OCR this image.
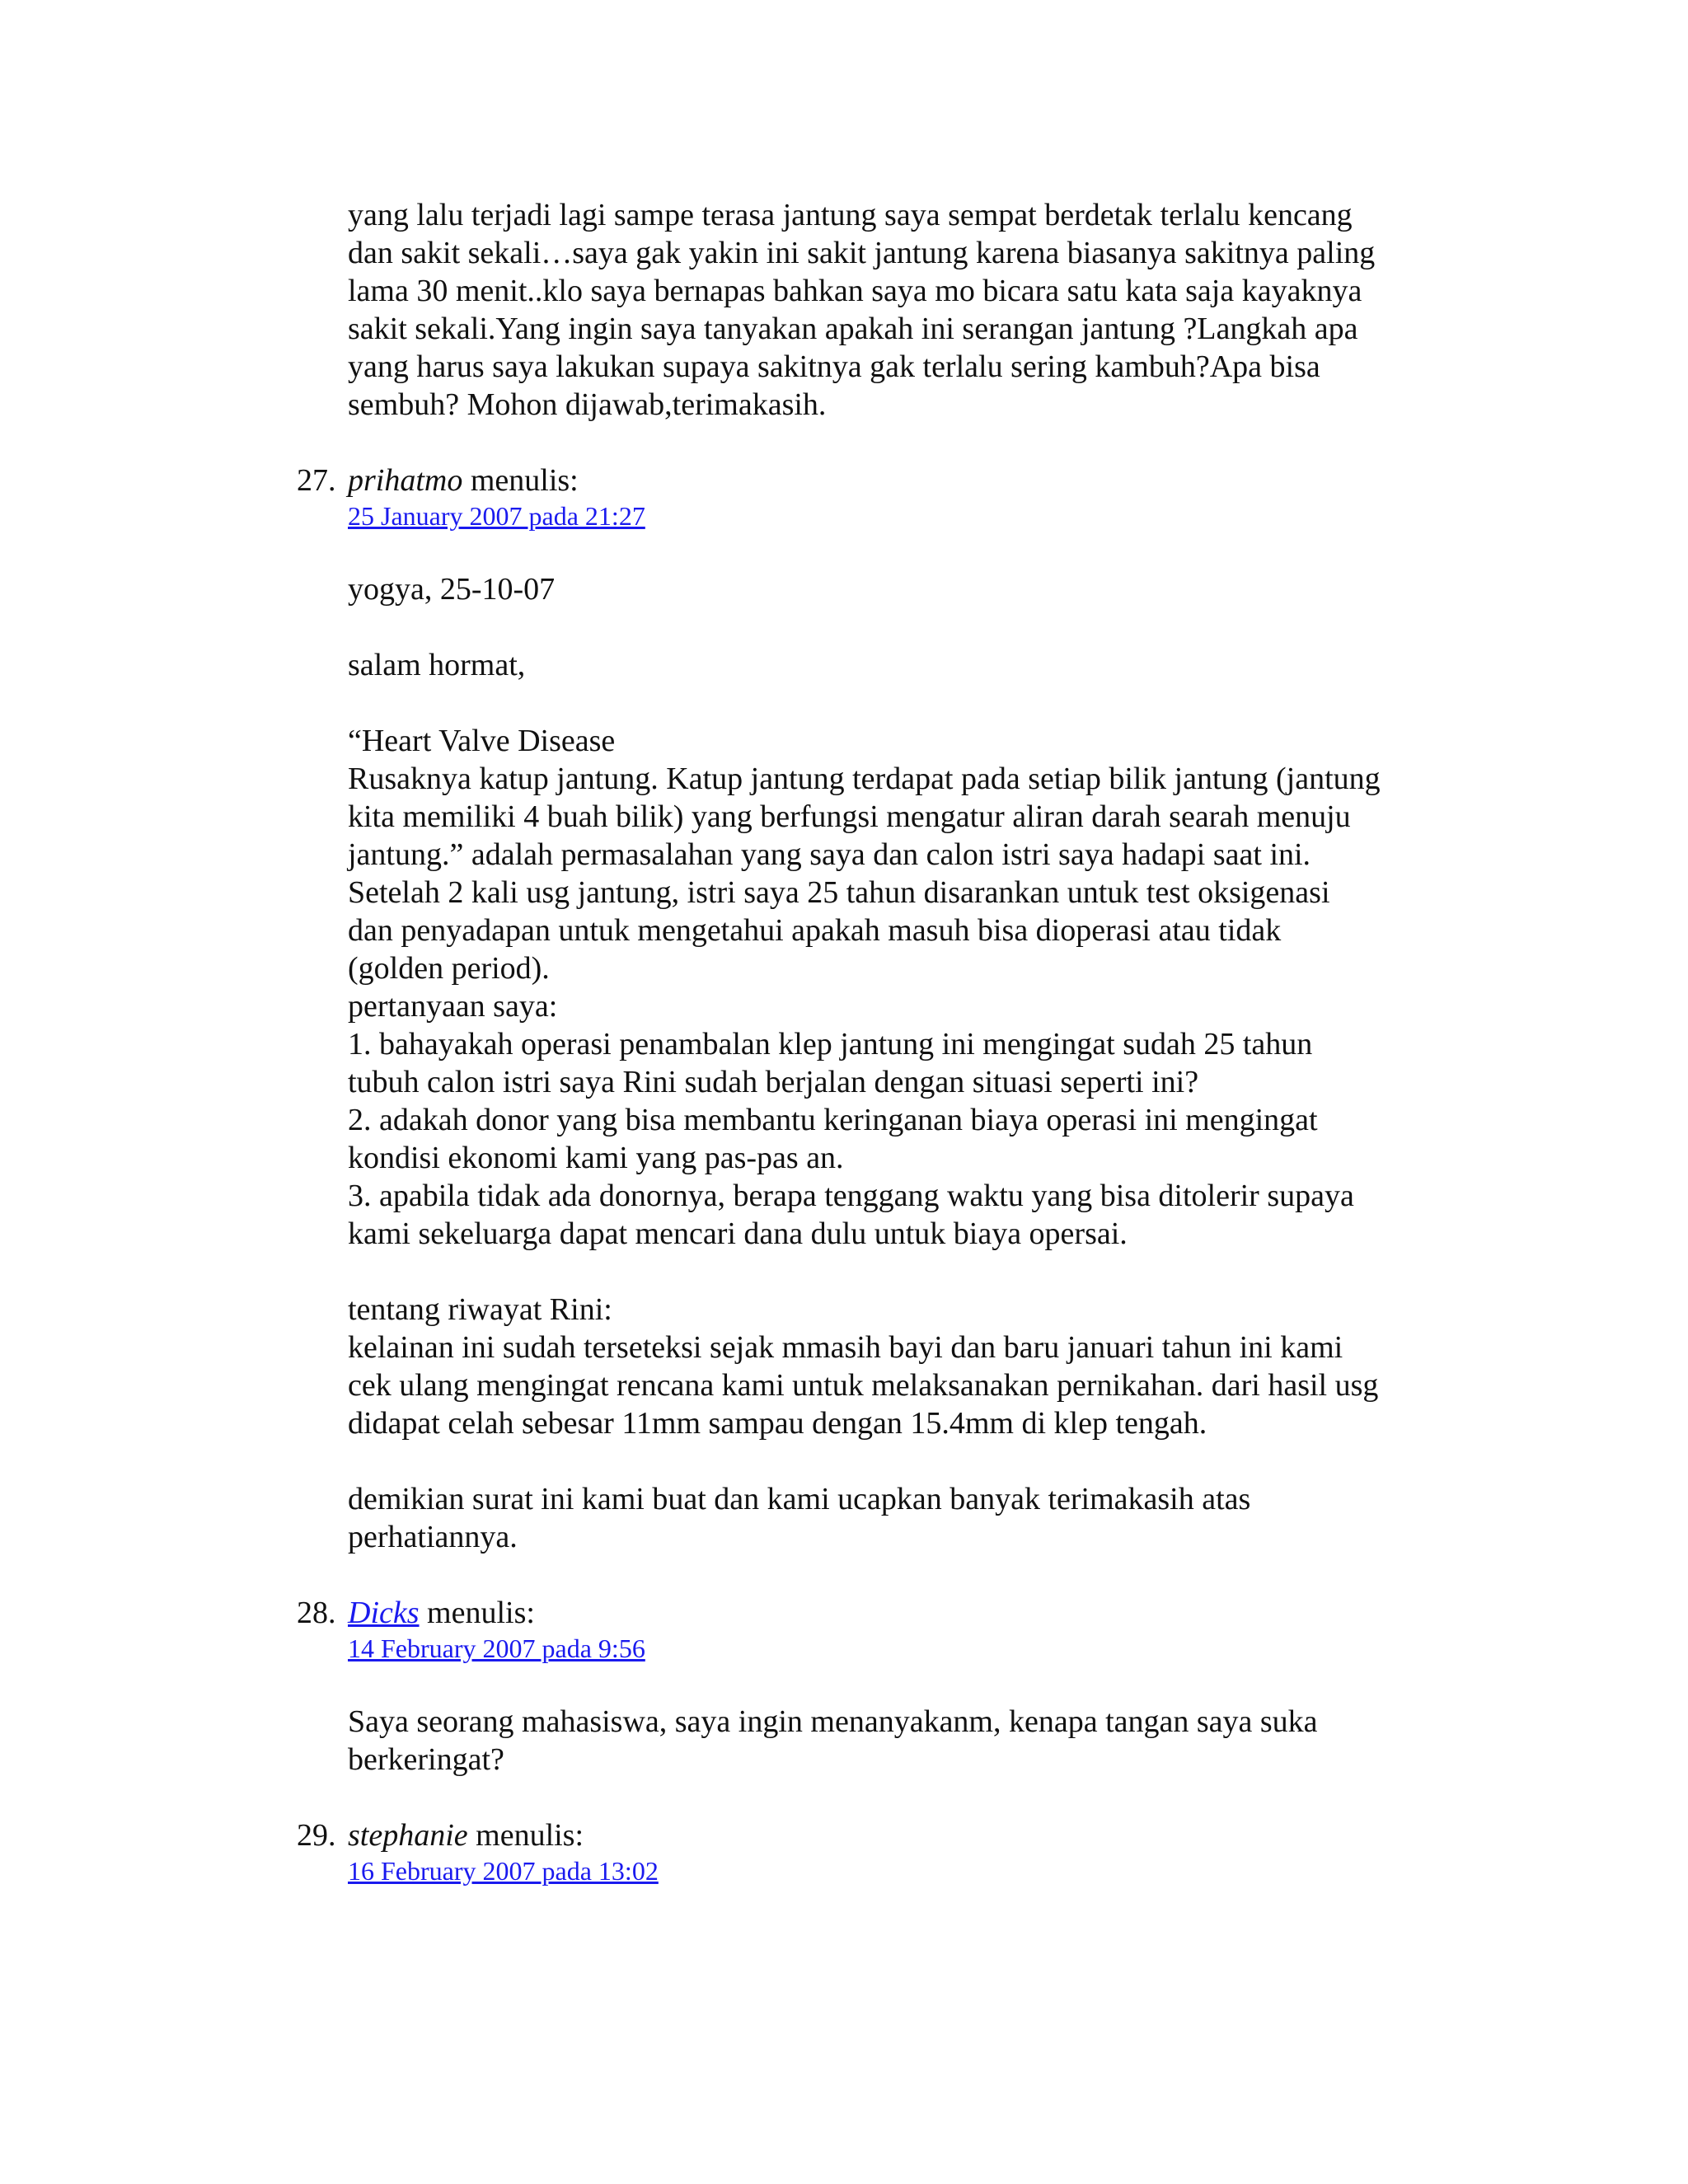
yang lalu terjadi lagi sampe terasa jantung saya sempat berdetak terlalu kencang

dan sakit sekali…saya gak yakin ini sakit jantung karena biasanya sakitnya paling

lama 30 menit..klo saya bernapas bahkan saya mo bicara satu kata saja kayaknya

sakit sekali.Yang ingin saya tanyakan apakah ini serangan jantung ?Langkah apa

yang harus saya lakukan supaya sakitnya gak terlalu sering kambuh?Apa bisa

sembuh? Mohon dijawab,terimakasih.

27. prihatmo menulis:

25 January 2007 pada 21:27

yogya, 25-10-07

salam hormat,

“Heart Valve Disease

Rusaknya katup jantung. Katup jantung terdapat pada setiap bilik jantung (jantung

kita memiliki 4 buah bilik) yang berfungsi mengatur aliran darah searah menuju

jantung.” adalah permasalahan yang saya dan calon istri saya hadapi saat ini.

Setelah 2 kali usg jantung, istri saya 25 tahun disarankan untuk test oksigenasi

dan penyadapan untuk mengetahui apakah masuh bisa dioperasi atau tidak

(golden period).

pertanyaan saya:

1. bahayakah operasi penambalan klep jantung ini mengingat sudah 25 tahun

tubuh calon istri saya Rini sudah berjalan dengan situasi seperti ini?

2. adakah donor yang bisa membantu keringanan biaya operasi ini mengingat

kondisi ekonomi kami yang pas-pas an.

3. apabila tidak ada donornya, berapa tenggang waktu yang bisa ditolerir supaya

kami sekeluarga dapat mencari dana dulu untuk biaya opersai.

tentang riwayat Rini:

kelainan ini sudah terseteksi sejak mmasih bayi dan baru januari tahun ini kami

cek ulang mengingat rencana kami untuk melaksanakan pernikahan. dari hasil usg

didapat celah sebesar 11mm sampau dengan 15.4mm di klep tengah.

demikian surat ini kami buat dan kami ucapkan banyak terimakasih atas

perhatiannya.

28. Dicks menulis:

14 February 2007 pada 9:56

Saya seorang mahasiswa, saya ingin menanyakanm, kenapa tangan saya suka

berkeringat?

29. stephanie menulis:

16 February 2007 pada 13:02
